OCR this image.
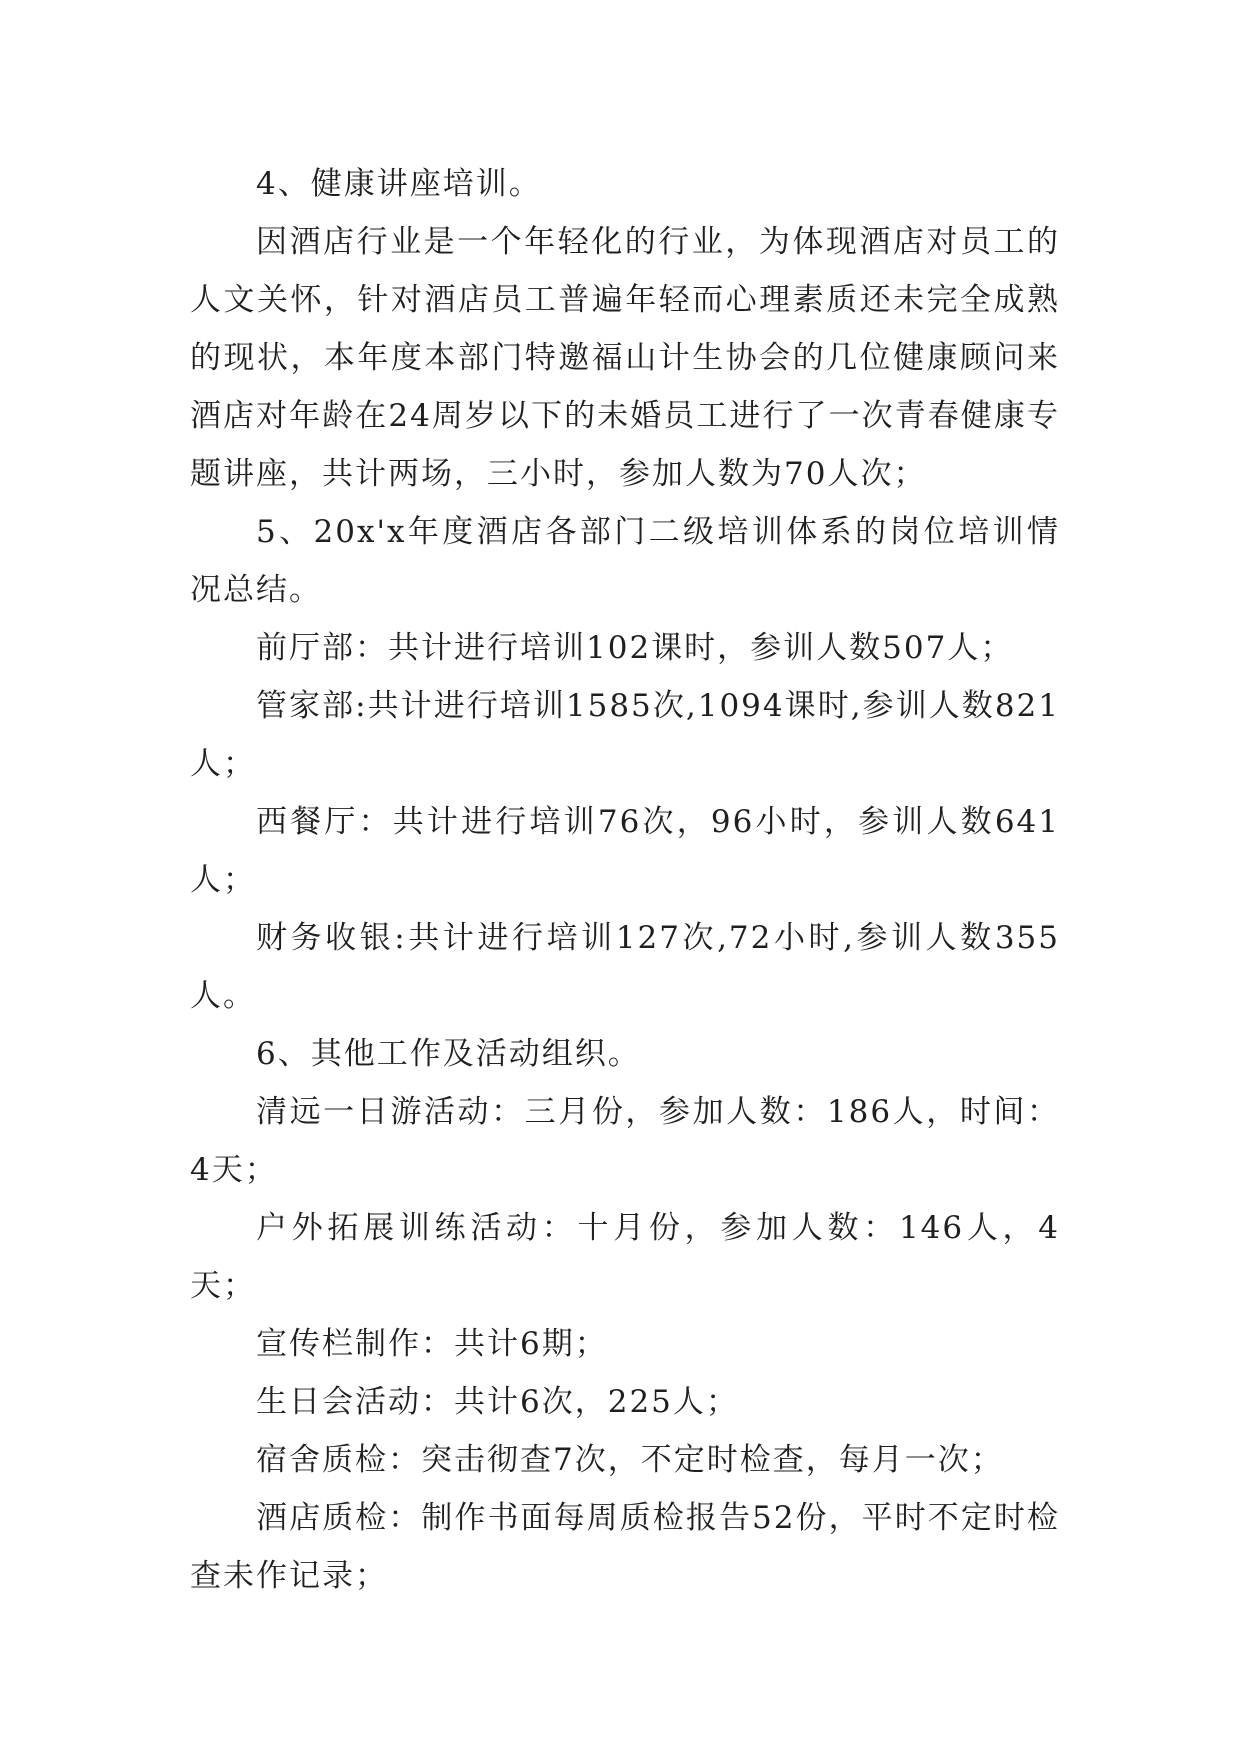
4、健康讲座培训。

因酒店行业是一个年轻化的行业，为体现酒店对员工的人文关怀，针对酒店员工普遍年轻而心理素质还未完全成熟的现状，本年度本部门特邀福山计生协会的几位健康顾问来酒店对年龄在24周岁以下的未婚员工进行了一次青春健康专题讲座，共计两场，三小时，参加人数为70人次；

5、20x'x年度酒店各部门二级培训体系的岗位培训情况总结。

前厅部：共计进行培训102课时，参训人数507人；

管家部:共计进行培训1585次,1094课时,参训人数821人；

西餐厅：共计进行培训76次，96小时，参训人数641人；

财务收银:共计进行培训127次,72小时,参训人数355人。

6、其他工作及活动组织。

清远一日游活动：三月份，参加人数：186人，时间：4天；

户外拓展训练活动：十月份，参加人数：146人，4天；

宣传栏制作：共计6期；

生日会活动：共计6次，225人；

宿舍质检：突击彻查7次，不定时检查，每月一次；

酒店质检：制作书面每周质检报告52份，平时不定时检查未作记录；
